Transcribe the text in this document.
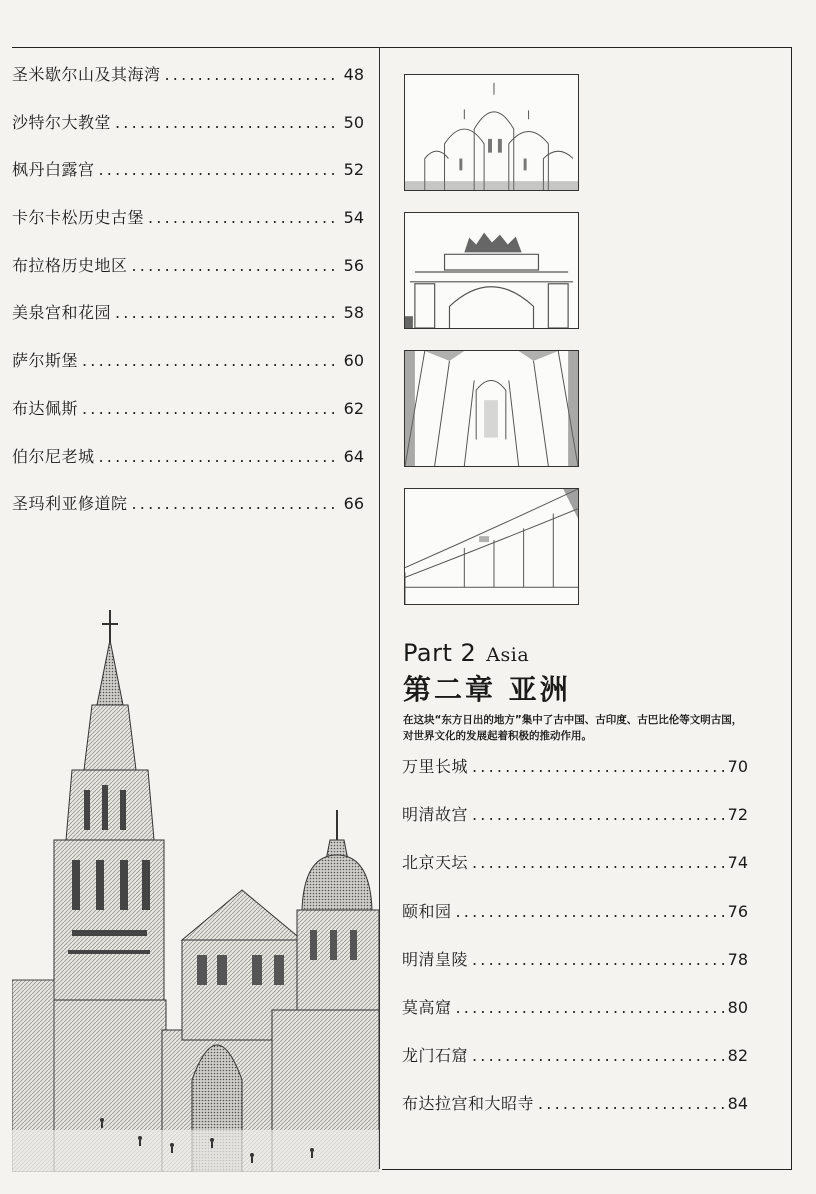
圣米歇尔山及其海湾 .....	48
沙特尔大教堂 .....	50
枫丹白露宫 .....	52
卡尔卡松历史古堡 .....	54
布拉格历史地区 .....	56
美泉宫和花园 .....	58
萨尔斯堡 .....	60
布达佩斯 .....	62
伯尔尼老城 .....	64
圣玛利亚修道院 .....	66
Part 2 Asia
第二章 亚洲
在这块“东方日出的地方”集中了古中国、古印度、古巴比伦等文明古国，对世界文化的发展起着积极的推动作用。
万里长城 .....	70
明清故宫 .....	72
北京天坛 .....	74
颐和园 .....	76
明清皇陵 .....	78
莫高窟 .....	80
龙门石窟 .....	82
布达拉宫和大昭寺 .....	84
